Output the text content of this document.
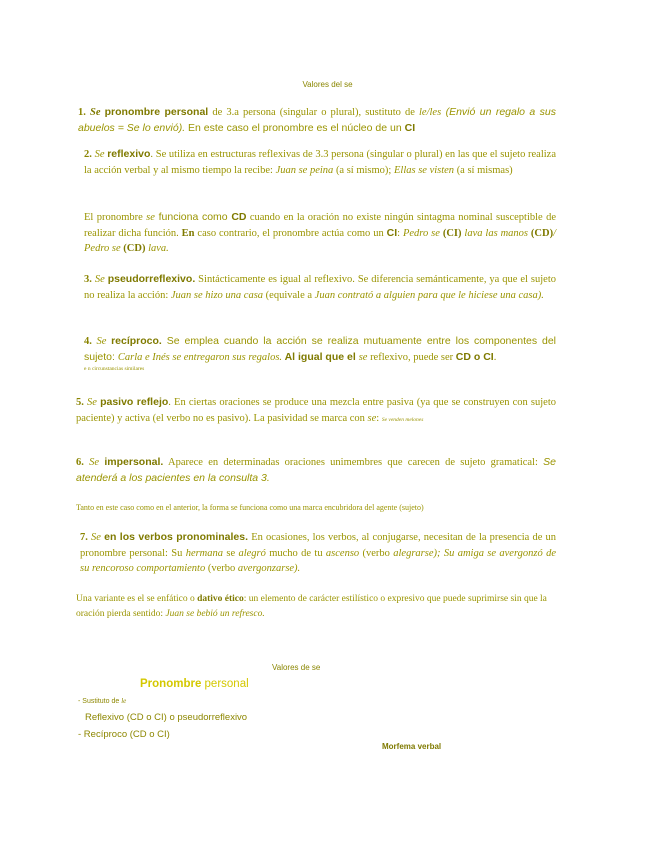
Valores del se
1. Se pronombre personal de 3.a persona (singular o plural), sustituto de le/les (Envió un regalo a sus abuelos = Se lo envió). En este caso el pronombre es el núcleo de un CI
2. Se reflexivo. Se utiliza en estructuras reflexivas de 3.3 persona (singular o plural) en las que el sujeto realiza la acción verbal y al mismo tiempo la recibe: Juan se peina (a sí mismo); Ellas se visten (a sí mismas)
El pronombre se funciona como CD cuando en la oración no existe ningún sintagma nominal susceptible de realizar dicha función. En caso contrario, el pronombre actúa como un CI: Pedro se (CI) lava las manos (CD)/ Pedro se (CD) lava.
3. Se pseudorreflexivo. Sintácticamente es igual al reflexivo. Se diferencia semánticamente, ya que el sujeto no realiza la acción: Juan se hizo una casa (equivale a Juan contrató a alguien para que le hiciese una casa).
4. Se recíproco. Se emplea cuando la acción se realiza mutuamente entre los componentes del sujeto: Carla e Inés se entregaron sus regalos. Al igual que el se reflexivo, puede ser CD o CI.
e n circunstancias similares
5. Se pasivo reflejo. En ciertas oraciones se produce una mezcla entre pasiva (ya que se construyen con sujeto paciente) y activa (el verbo no es pasivo). La pasividad se marca con se: Se venden melones
6. Se impersonal. Aparece en determinadas oraciones unimembres que carecen de sujeto gramatical: Se atenderá a los pacientes en la consulta 3.
Tanto en este caso como en el anterior, la forma se funciona como una marca encubridora del agente (sujeto)
7. Se en los verbos pronominales. En ocasiones, los verbos, al conjugarse, necesitan de la presencia de un pronombre personal: Su hermana se alegró mucho de tu ascenso (verbo alegrarse); Su amiga se avergonzó de su rencoroso comportamiento (verbo avergonzarse).
Una variante es el se enfático o dativo ético: un elemento de carácter estilístico o expresivo que puede suprimirse sin que la oración pierda sentido: Juan se bebió un refresco.
Valores de se
Pronombre personal
- Sustituto de le
Reflexivo (CD o CI) o pseudorreflexivo
- Recíproco (CD o CI)
Morfema verbal
